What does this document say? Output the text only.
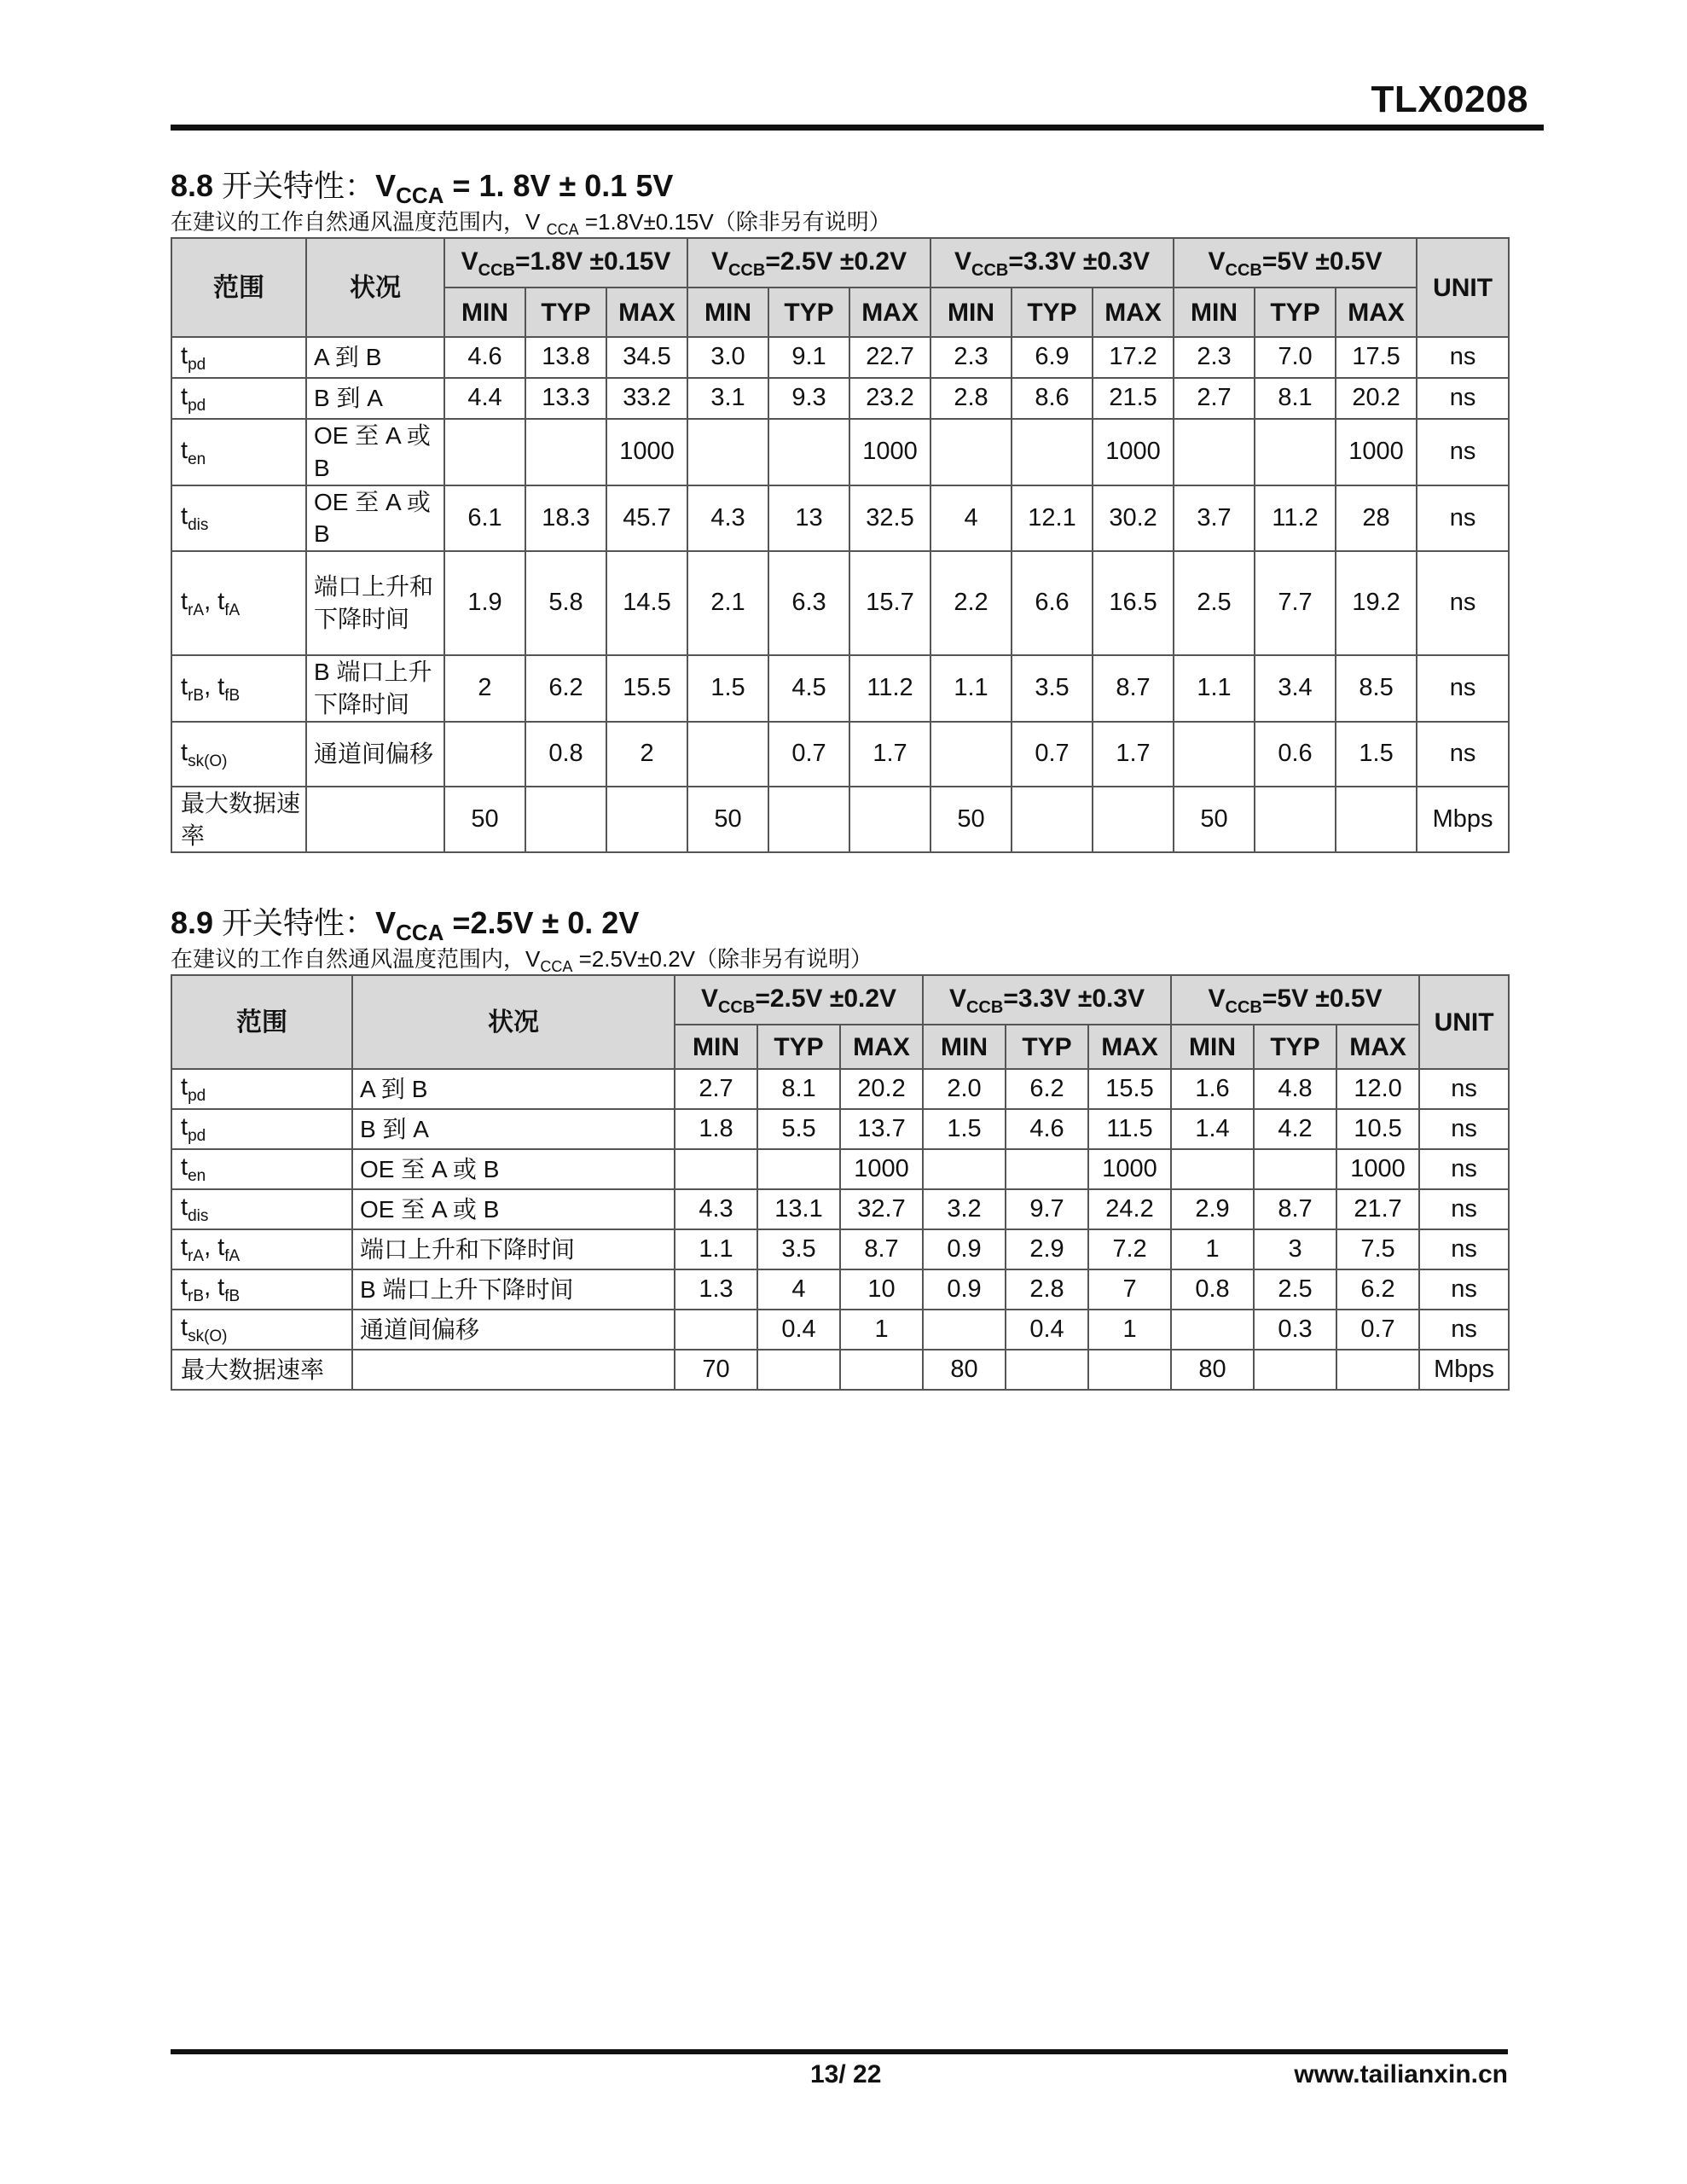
TLX0208
8.8 开关特性：$V_{CCA} = 1$. 8V ± 0.1 5V
在建议的工作自然通风温度范围内，V $_{CCA}$ =1.8V±0.15V（除非另有说明）
范围	状况	$V_{CCB}=1.8V \pm 0.15V$			$V_{CCB}=2.5V \pm 0.2V$			$V_{CCB}=3.3V \pm 0.3V$			$V_{CCB}=5V \pm 0.5V$			UNIT
		MIN	TYP	MAX	MIN	TYP	MAX	MIN	TYP	MAX	MIN	TYP	MAX	
$t_{pd}$	A 到 B	4.6	13.8	34.5	3.0	9.1	22.7	2.3	6.9	17.2	2.3	7.0	17.5	ns
$t_{pd}$	B 到 A	4.4	13.3	33.2	3.1	9.3	23.2	2.8	8.6	21.5	2.7	8.1	20.2	ns
$t_{en}$	OE 至 A 或 B			1000			1000			1000			1000	ns
$t_{dis}$	OE 至 A 或 B	6.1	18.3	45.7	4.3	13	32.5	4	12.1	30.2	3.7	11.2	28	ns
$t_{rA}$, $t_{fA}$	端口上升和下降时间	1.9	5.8	14.5	2.1	6.3	15.7	2.2	6.6	16.5	2.5	7.7	19.2	ns
$t_{rB}$, $t_{fB}$	B 端口上升下降时间	2	6.2	15.5	1.5	4.5	11.2	1.1	3.5	8.7	1.1	3.4	8.5	ns
$t_{sk(O)}$	通道间偏移		0.8	2		0.7	1.7		0.7	1.7		0.6	1.5	ns
最大数据速率		50			50			50			50			Mbps
8.9 开关特性：$V_{CCA} =2.5V \pm 0$. 2V
在建议的工作自然通风温度范围内，$V_{CCA} =2.5V\pm 0.2V$（除非另有说明）
范围	状况	$V_{CCB}=2.5V \pm 0.2V$			$V_{CCB}=3.3V \pm 0.3V$			$V_{CCB}=5V \pm 0.5V$			UNIT
		MIN	TYP	MAX	MIN	TYP	MAX	MIN	TYP	MAX	
$t_{pd}$	A 到 B	2.7	8.1	20.2	2.0	6.2	15.5	1.6	4.8	12.0	ns
$t_{pd}$	B 到 A	1.8	5.5	13.7	1.5	4.6	11.5	1.4	4.2	10.5	ns
$t_{en}$	OE 至 A 或 B			1000			1000			1000	ns
$t_{dis}$	OE 至 A 或 B	4.3	13.1	32.7	3.2	9.7	24.2	2.9	8.7	21.7	ns
$t_{rA}$, $t_{fA}$	端口上升和下降时间	1.1	3.5	8.7	0.9	2.9	7.2	1	3	7.5	ns
$t_{rB}$, $t_{fB}$	B 端口上升下降时间	1.3	4	10	0.9	2.8	7	0.8	2.5	6.2	ns
$t_{sk(O)}$	通道间偏移		0.4	1		0.4	1		0.3	0.7	ns
最大数据速率		70			80			80			Mbps
13/ 22	www.tailianxin.cn
